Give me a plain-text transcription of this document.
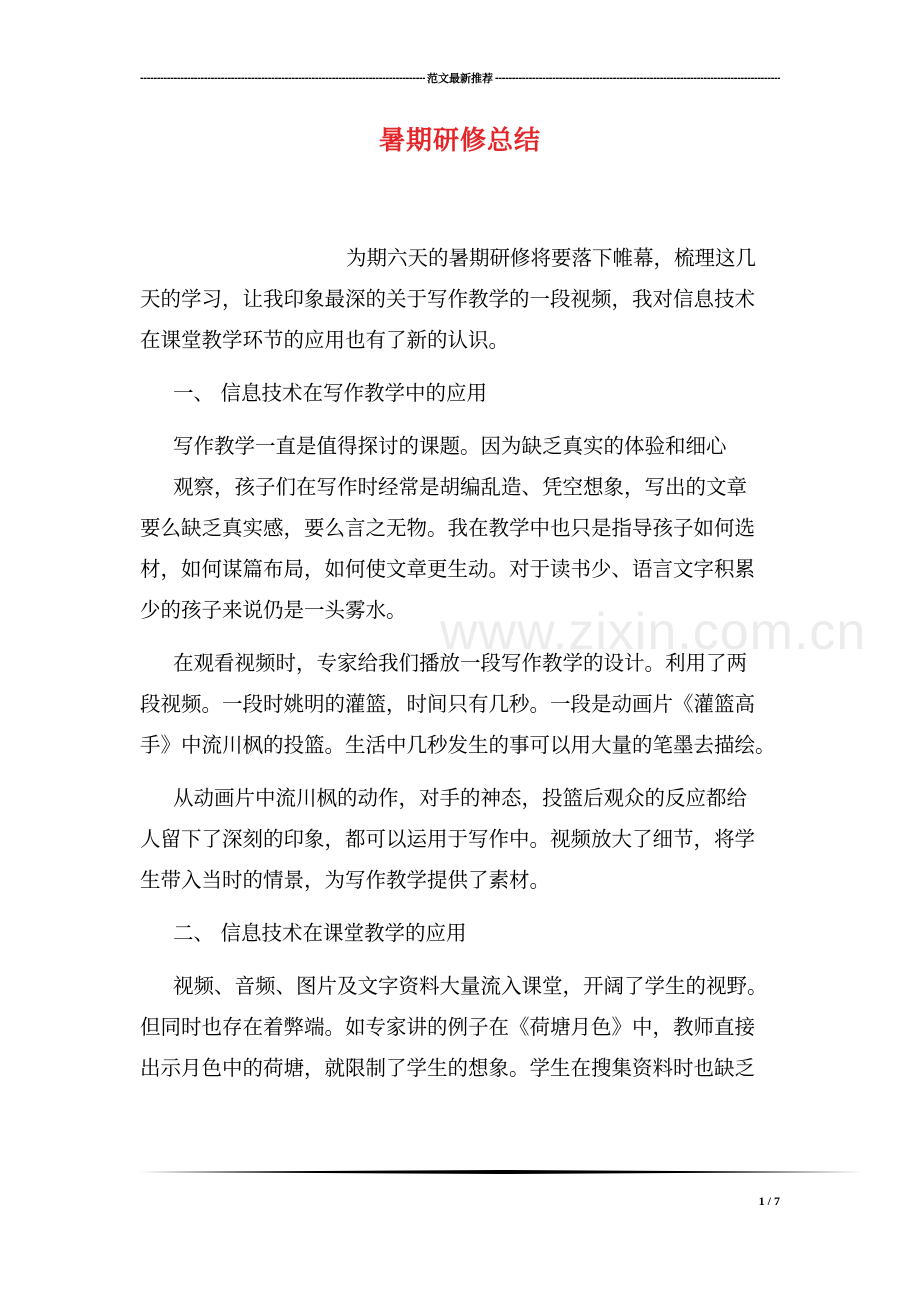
-----
范文最新推荐
-----
暑期研修总结
www.zixin.com.cn
为期六天的暑期研修将要落下帷幕，梳理这几
天的学习，让我印象最深的关于写作教学的一段视频，我对信息技术
在课堂教学环节的应用也有了新的认识。
一、 信息技术在写作教学中的应用
写作教学一直是值得探讨的课题。因为缺乏真实的体验和细心
观察，孩子们在写作时经常是胡编乱造、凭空想象，写出的文章
要么缺乏真实感，要么言之无物。我在教学中也只是指导孩子如何选
材，如何谋篇布局，如何使文章更生动。对于读书少、语言文字积累
少的孩子来说仍是一头雾水。
在观看视频时，专家给我们播放一段写作教学的设计。利用了两
段视频。一段时姚明的灌篮，时间只有几秒。一段是动画片《灌篮高
手》中流川枫的投篮。生活中几秒发生的事可以用大量的笔墨去描绘。
从动画片中流川枫的动作，对手的神态，投篮后观众的反应都给
人留下了深刻的印象，都可以运用于写作中。视频放大了细节，将学
生带入当时的情景，为写作教学提供了素材。
二、 信息技术在课堂教学的应用
视频、音频、图片及文字资料大量流入课堂，开阔了学生的视野。
但同时也存在着弊端。如专家讲的例子在《荷塘月色》中，教师直接
出示月色中的荷塘，就限制了学生的想象。学生在搜集资料时也缺乏
1 / 7
